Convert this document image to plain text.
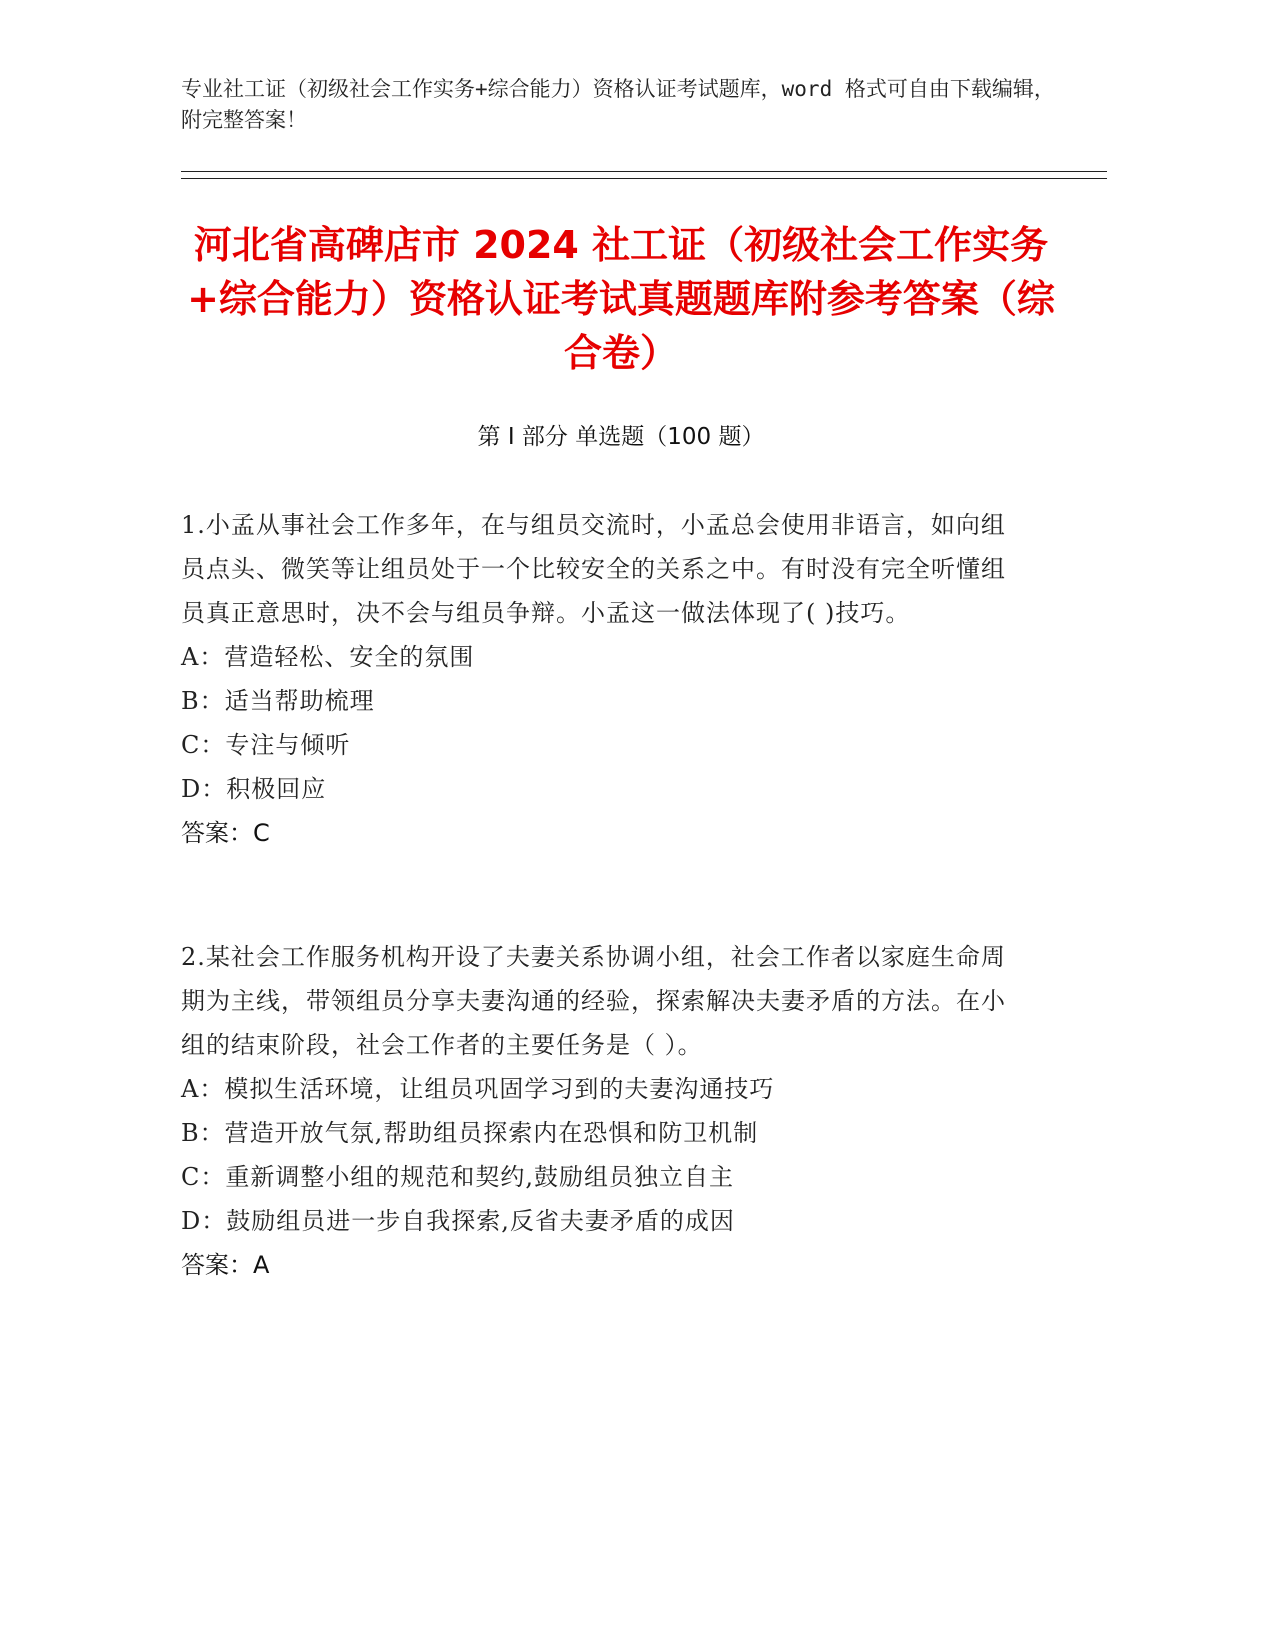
专业社工证（初级社会工作实务+综合能力）资格认证考试题库，word 格式可自由下载编辑，附完整答案！
河北省高碑店市 2024 社工证（初级社会工作实务+综合能力）资格认证考试真题题库附参考答案（综合卷）
第 I 部分 单选题（100 题）
1.小孟从事社会工作多年，在与组员交流时，小孟总会使用非语言，如向组员点头、微笑等让组员处于一个比较安全的关系之中。有时没有完全听懂组员真正意思时，决不会与组员争辩。小孟这一做法体现了( )技巧。
A：营造轻松、安全的氛围
B：适当帮助梳理
C：专注与倾听
D：积极回应
答案：C
2.某社会工作服务机构开设了夫妻关系协调小组，社会工作者以家庭生命周期为主线，带领组员分享夫妻沟通的经验，探索解决夫妻矛盾的方法。在小组的结束阶段，社会工作者的主要任务是（ ）。
A：模拟生活环境，让组员巩固学习到的夫妻沟通技巧
B：营造开放气氛,帮助组员探索内在恐惧和防卫机制
C：重新调整小组的规范和契约,鼓励组员独立自主
D：鼓励组员进一步自我探索,反省夫妻矛盾的成因
答案：A
